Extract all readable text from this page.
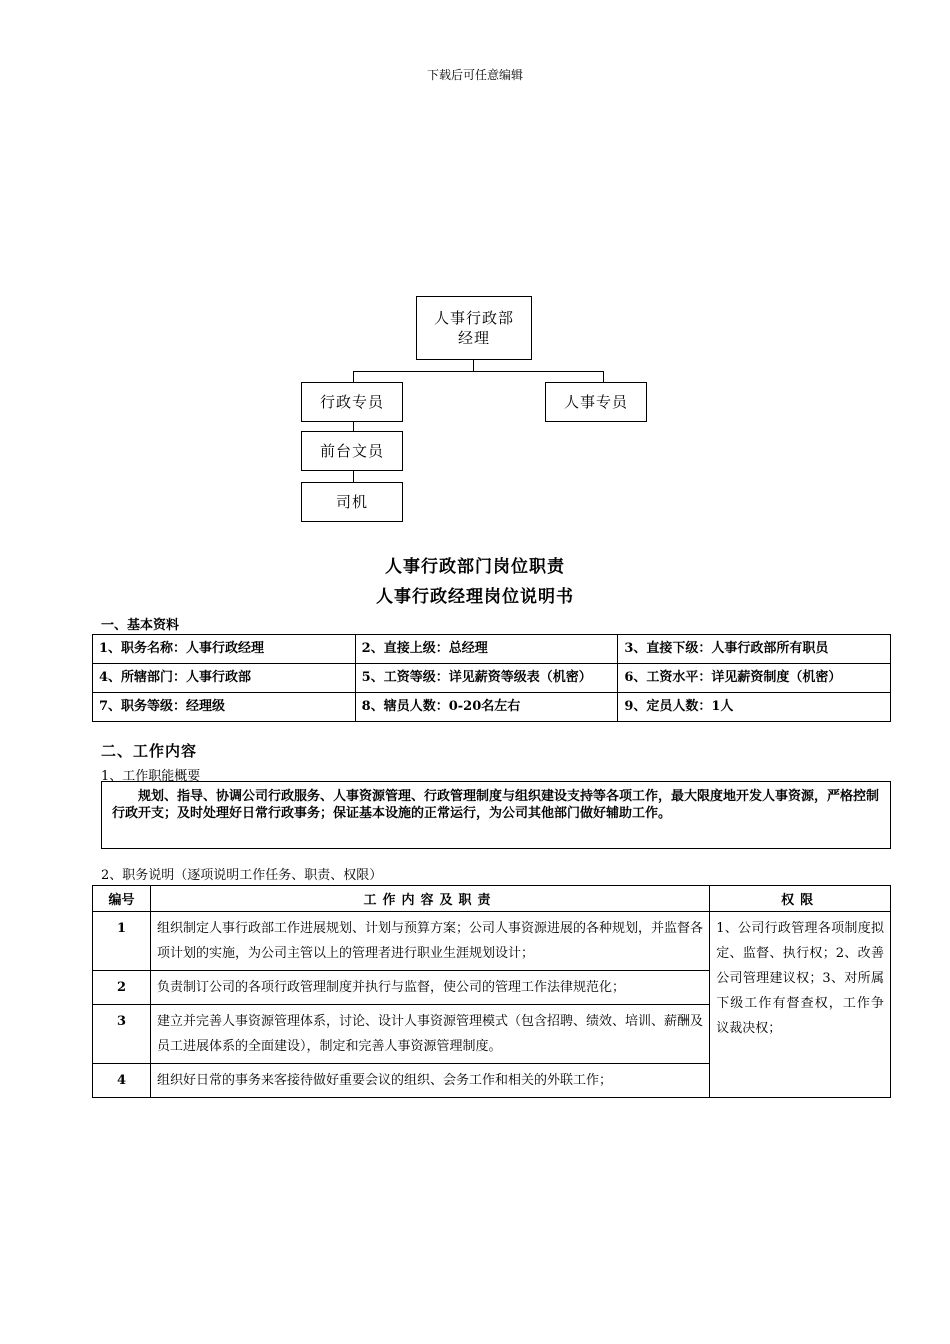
下载后可任意编辑
人事行政部
经理
行政专员	人事专员
前台文员
司机
人事行政部门岗位职责
人事行政经理岗位说明书
一、基本资料
1、职务名称：人事行政经理	2、直接上级：总经理	3、直接下级：人事行政部所有职员
4、所辖部门：人事行政部	5、工资等级：详见薪资等级表（机密）	6、工资水平：详见薪资制度（机密）
7、职务等级：经理级	8、辖员人数：0-20名左右	9、定员人数：1人
二、工作内容
1、工作职能概要
规划、指导、协调公司行政服务、人事资源管理、行政管理制度与组织建设支持等各项工作，最大限度地开发人事资源，严格控制行政开支；及时处理好日常行政事务；保证基本设施的正常运行，为公司其他部门做好辅助工作。
2、职务说明（逐项说明工作任务、职责、权限）
编号	工作内容及职责	权限
1	组织制定人事行政部工作进展规划、计划与预算方案；公司人事资源进展的各种规划，并监督各项计划的实施，为公司主管以上的管理者进行职业生涯规划设计；	1、公司行政管理各项制度拟定、监督、执行权；2、改善公司管理建议权；3、对所属下级工作有督查权，工作争议裁决权；
2	负责制订公司的各项行政管理制度并执行与监督，使公司的管理工作法律规范化；	
3	建立并完善人事资源管理体系，讨论、设计人事资源管理模式（包含招聘、绩效、培训、薪酬及员工进展体系的全面建设），制定和完善人事资源管理制度。	
4	组织好日常的事务来客接待做好重要会议的组织、会务工作和相关的外联工作；	
